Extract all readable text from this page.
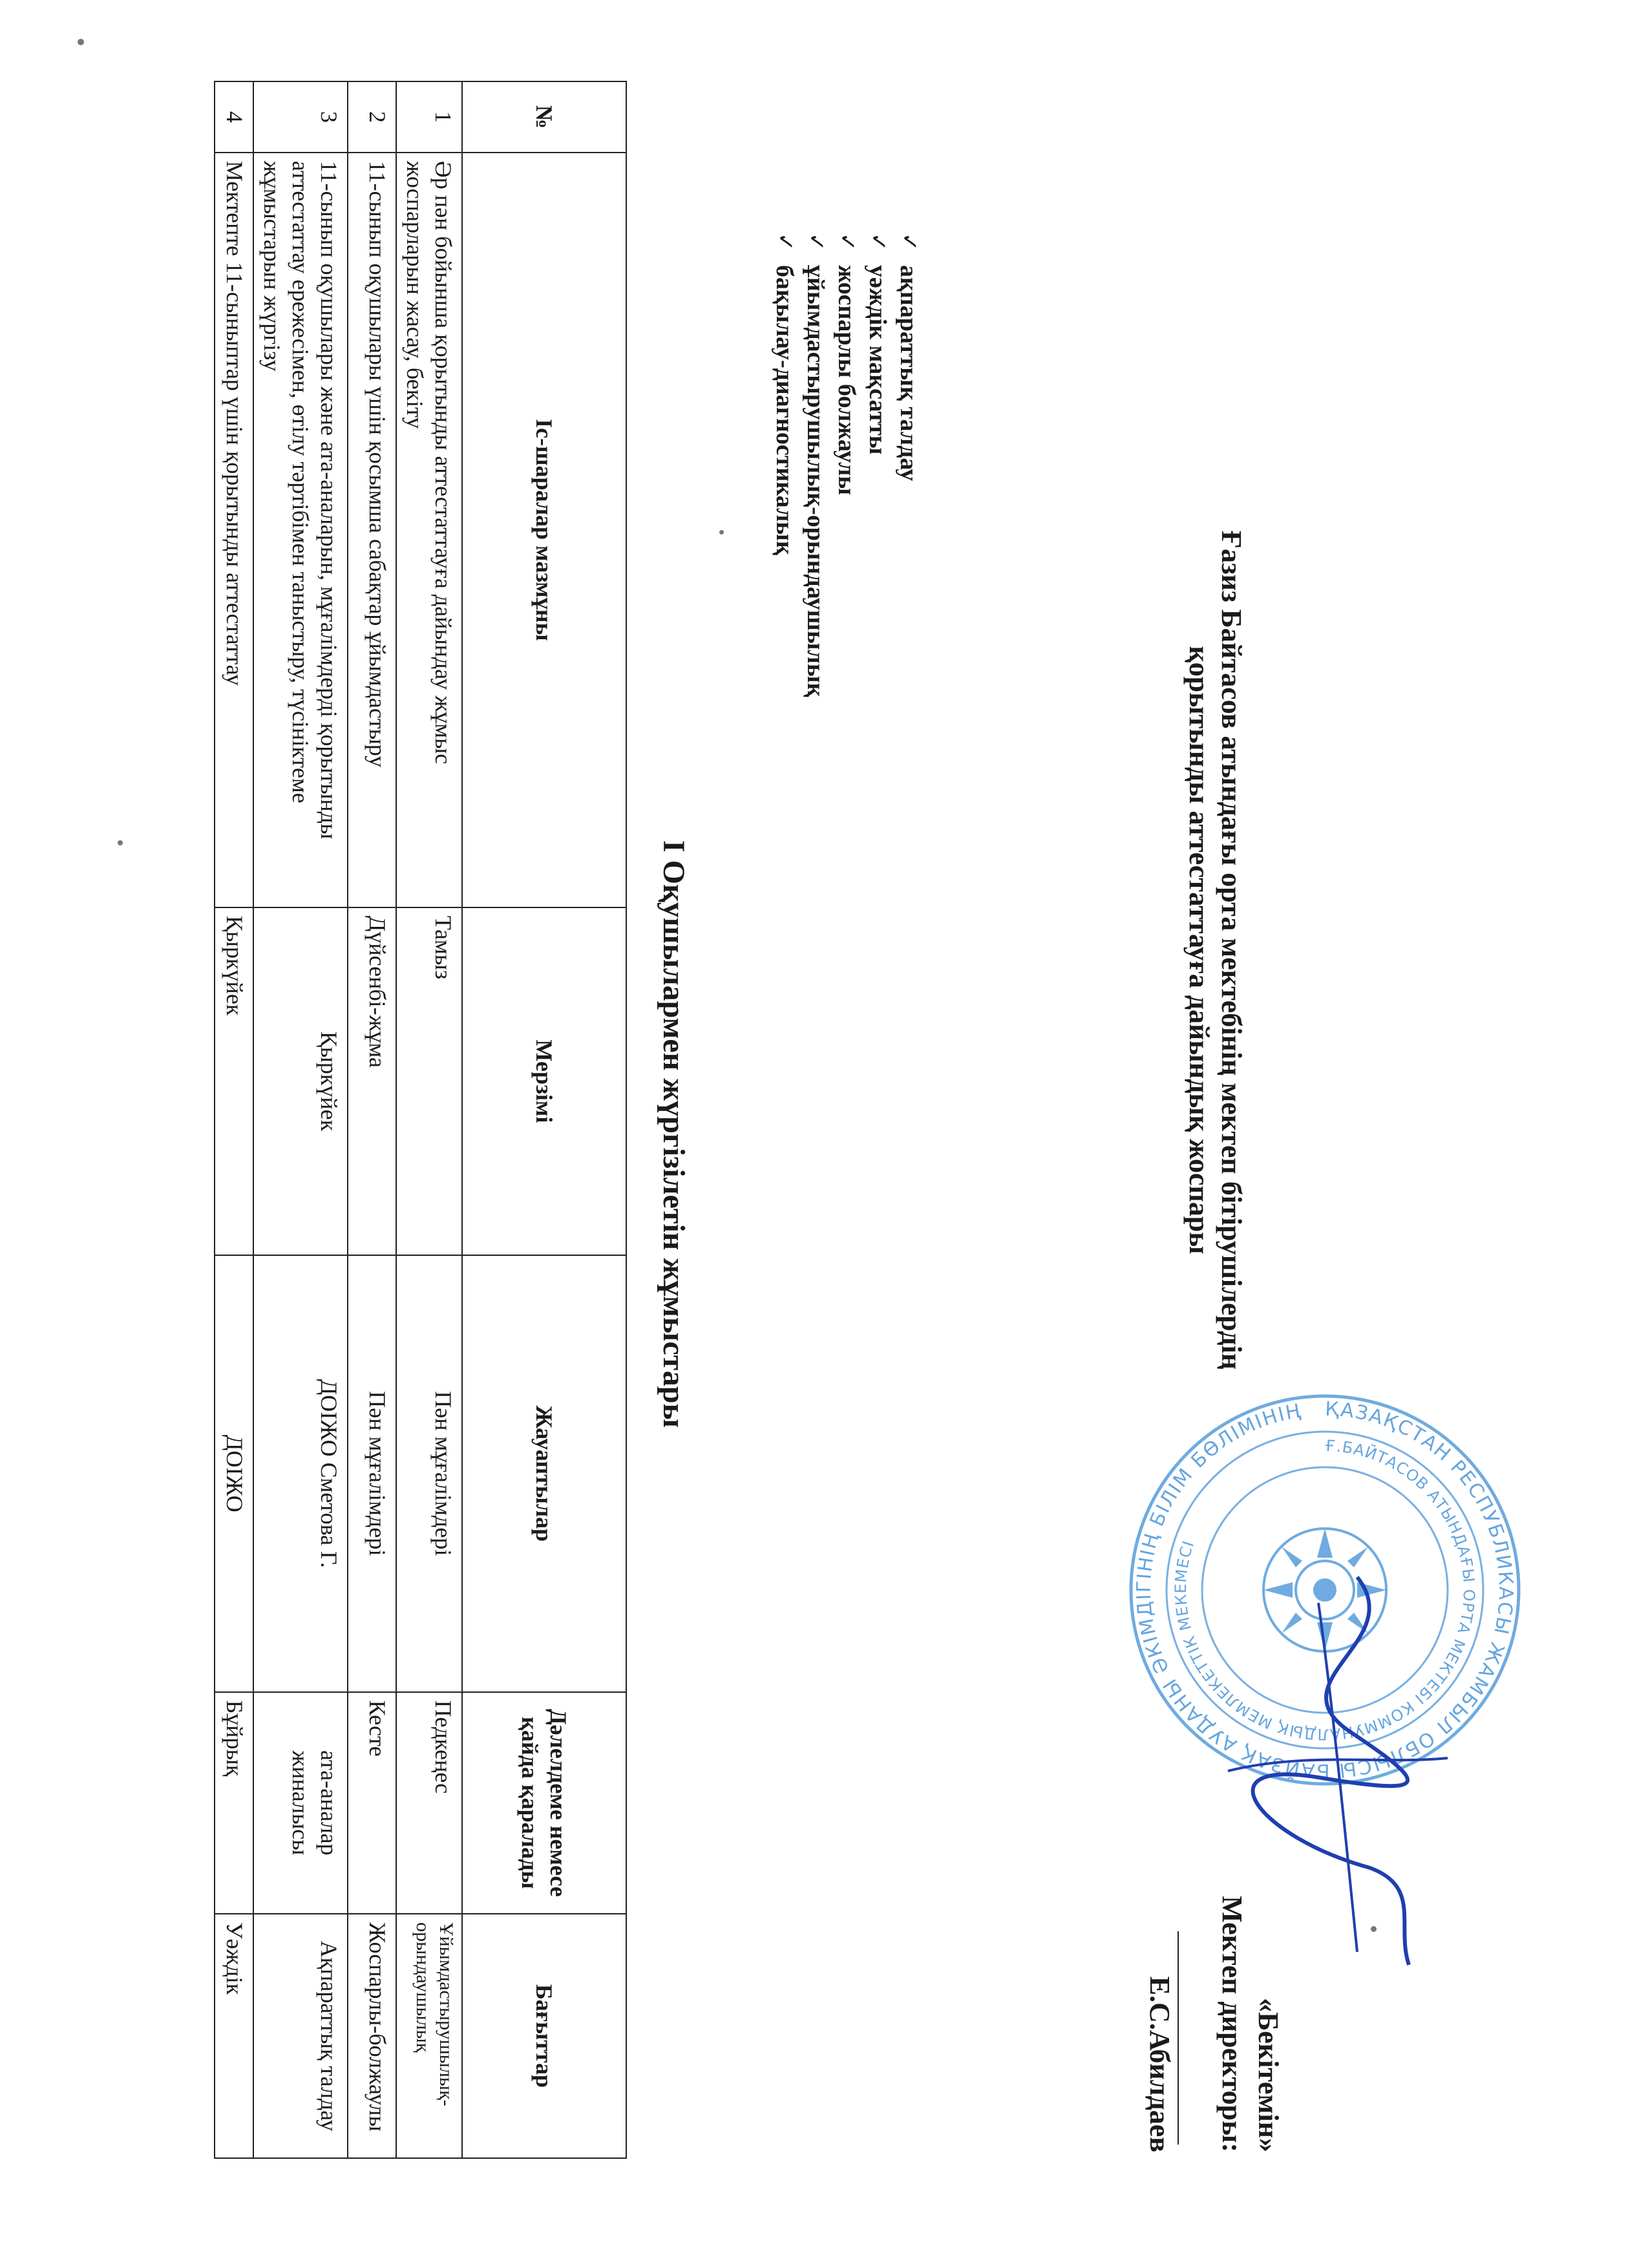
«Бекітемін»
Мектеп директоры:
Е.С.Абилдаев
ҚАЗАҚСТАН РЕСПУБЛИКАСЫ ЖАМБЫЛ ОБЛЫСЫ БАЙЗАҚ АУДАНЫ ӘКІМДІГІНІҢ БІЛІМ БӨЛІМІНІҢ
Ғ.БАЙТАСОВ АТЫНДАҒЫ ОРТА МЕКТЕБІ КОММУНАЛДЫҚ МЕМЛЕКЕТТІК МЕКЕМЕСІ
Ғазиз Байтасов атындағы орта мектебінің мектеп бітірушілердің
қорытынды аттестаттауға дайындық жоспары
✓
ақпараттық талдау
✓
уәждік мақсатты
✓
жоспарлы болжаулы
✓
ұйымдастырушылық-орындаушылық
✓
бақылау-диагностикалық
І Оқушылармен жүргізілетін жұмыстары
№	Іс-шаралар мазмұны	Мерзімі	Жауаптылар	Дәлелдеме немесе қайда қаралады	Бағыттар
1	Әр пән бойынша қорытынды аттестаттауға дайындау жұмыс жоспарларын жасау, бекіту	Тамыз	Пән мұғалімдері	Педкеңес	Ұйымдастырушылық-орындаушылық
2	11-сынып оқушылары үшін қосымша сабақтар ұйымдастыру	Дүйсенбі-жұма	Пән мұғалімдері	Кесте	Жоспарлы-болжаулы
3	11-сынып оқушылары және ата-аналарын, мұғалімдерді қорытынды аттестаттау ережесімен, өтілу тәртібімен таныстыру, түсініктеме жұмыстарын жүргізу	Қыркүйек	ДОІЖО Сметова Г.	ата-аналар жиналысы	Ақпараттық талдау
4	Мектепте 11-сыныптар үшін қорытынды аттестаттау	Қыркүйек	ДОІЖО	Бұйрық	Уәждік
